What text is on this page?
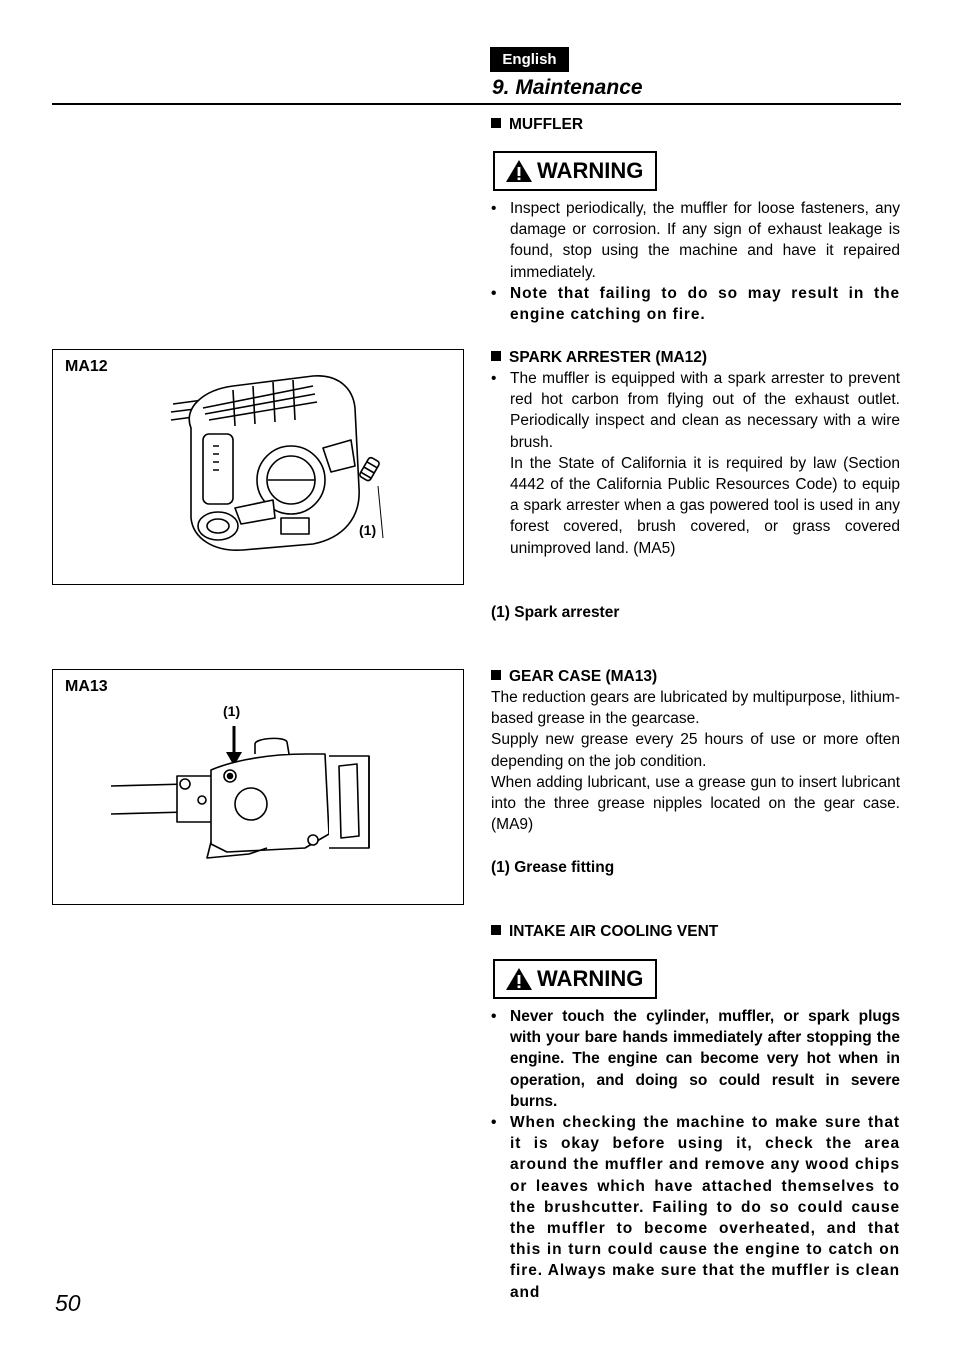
English
9. Maintenance
MUFFLER
WARNING
• Inspect periodically, the muffler for loose fasteners, any damage or corrosion. If any sign of exhaust leakage is found, stop using the machine and have it repaired immediately.
• Note that failing to do so may result in the engine catching on fire.
SPARK ARRESTER (MA12)
• The muffler is equipped with a spark arrester to prevent red hot carbon from flying out of the exhaust outlet. Periodically inspect and clean as necessary with a wire brush.
In the State of California it is required by law (Section 4442 of the California Public Resources Code) to equip a spark arrester when a gas powered tool is used in any forest covered, brush covered, or grass covered unimproved land. (MA5)
(1) Spark arrester
GEAR CASE (MA13)

The reduction gears are lubricated by multipurpose, lithium-based grease in the gearcase.

Supply new grease every 25 hours of use or more often depending on the job condition.

When adding lubricant, use a grease gun to insert lubricant into the three grease nipples located on the gear case. (MA9)

(1) Grease fitting
INTAKE AIR COOLING VENT
WARNING
• Never touch the cylinder, muffler, or spark plugs with your bare hands immediately after stopping the engine. The engine can become very hot when in operation, and doing so could result in severe burns.
• When checking the machine to make sure that it is okay before using it, check the area around the muffler and remove any wood chips or leaves which have attached themselves to the brushcutter. Failing to do so could cause the muffler to become overheated, and that this in turn could cause the engine to catch on fire. Always make sure that the muffler is clean and
MA12
(1)
MA13
(1)
50
